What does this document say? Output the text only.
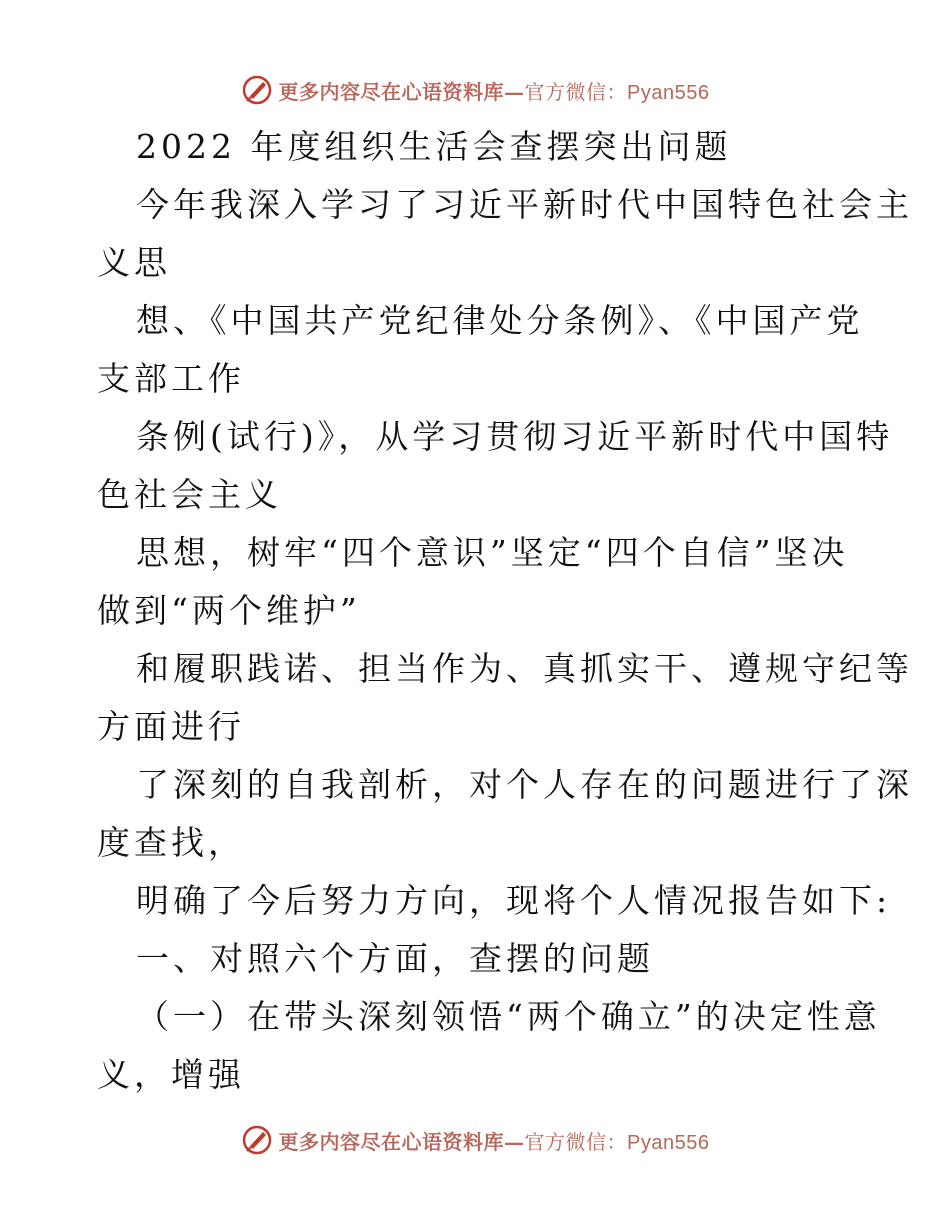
更多内容尽在心语资料库—官方微信：Pyan556
2022 年度组织生活会查摆突出问题
今年我深入学习了习近平新时代中国特色社会主
义思
想、《中国共产党纪律处分条例》、《中国产党
支部工作
条例(试行)》，从学习贯彻习近平新时代中国特
色社会主义
思想，树牢“四个意识”坚定“四个自信”坚决
做到“两个维护”
和履职践诺、担当作为、真抓实干、遵规守纪等
方面进行
了深刻的自我剖析，对个人存在的问题进行了深
度查找，
明确了今后努力方向，现将个人情况报告如下:
一、对照六个方面，查摆的问题
（一）在带头深刻领悟“两个确立”的决定性意
义，增强
更多内容尽在心语资料库—官方微信：Pyan556
